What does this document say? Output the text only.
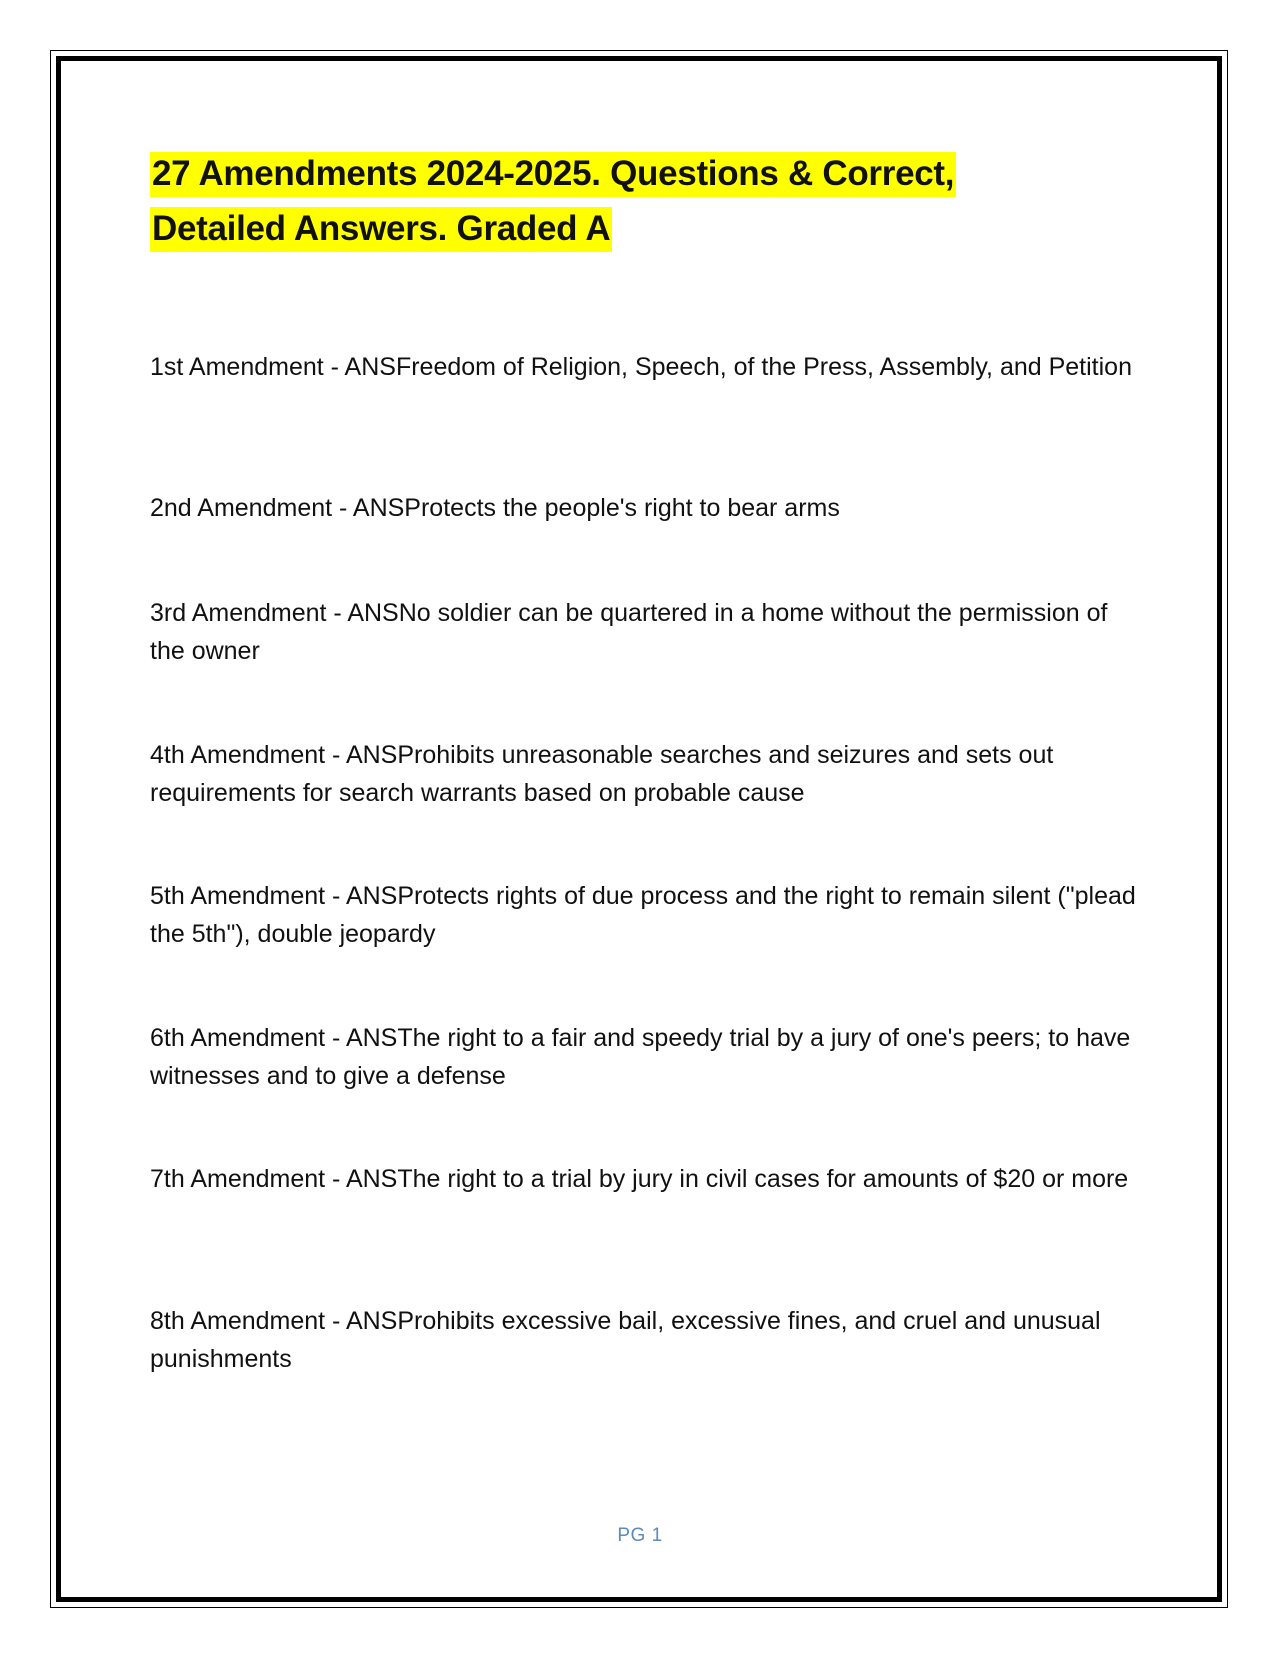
27 Amendments 2024-2025. Questions & Correct,
Detailed Answers. Graded A

1st Amendment - ANSFreedom of Religion, Speech, of the Press, Assembly, and Petition

2nd Amendment - ANSProtects the people's right to bear arms

3rd Amendment - ANSNo soldier can be quartered in a home without the permission of the owner

4th Amendment - ANSProhibits unreasonable searches and seizures and sets out requirements for search warrants based on probable cause

5th Amendment - ANSProtects rights of due process and the right to remain silent ("plead the 5th"), double jeopardy

6th Amendment - ANSThe right to a fair and speedy trial by a jury of one's peers; to have witnesses and to give a defense

7th Amendment - ANSThe right to a trial by jury in civil cases for amounts of $20 or more

8th Amendment - ANSProhibits excessive bail, excessive fines, and cruel and unusual punishments

PG 1
